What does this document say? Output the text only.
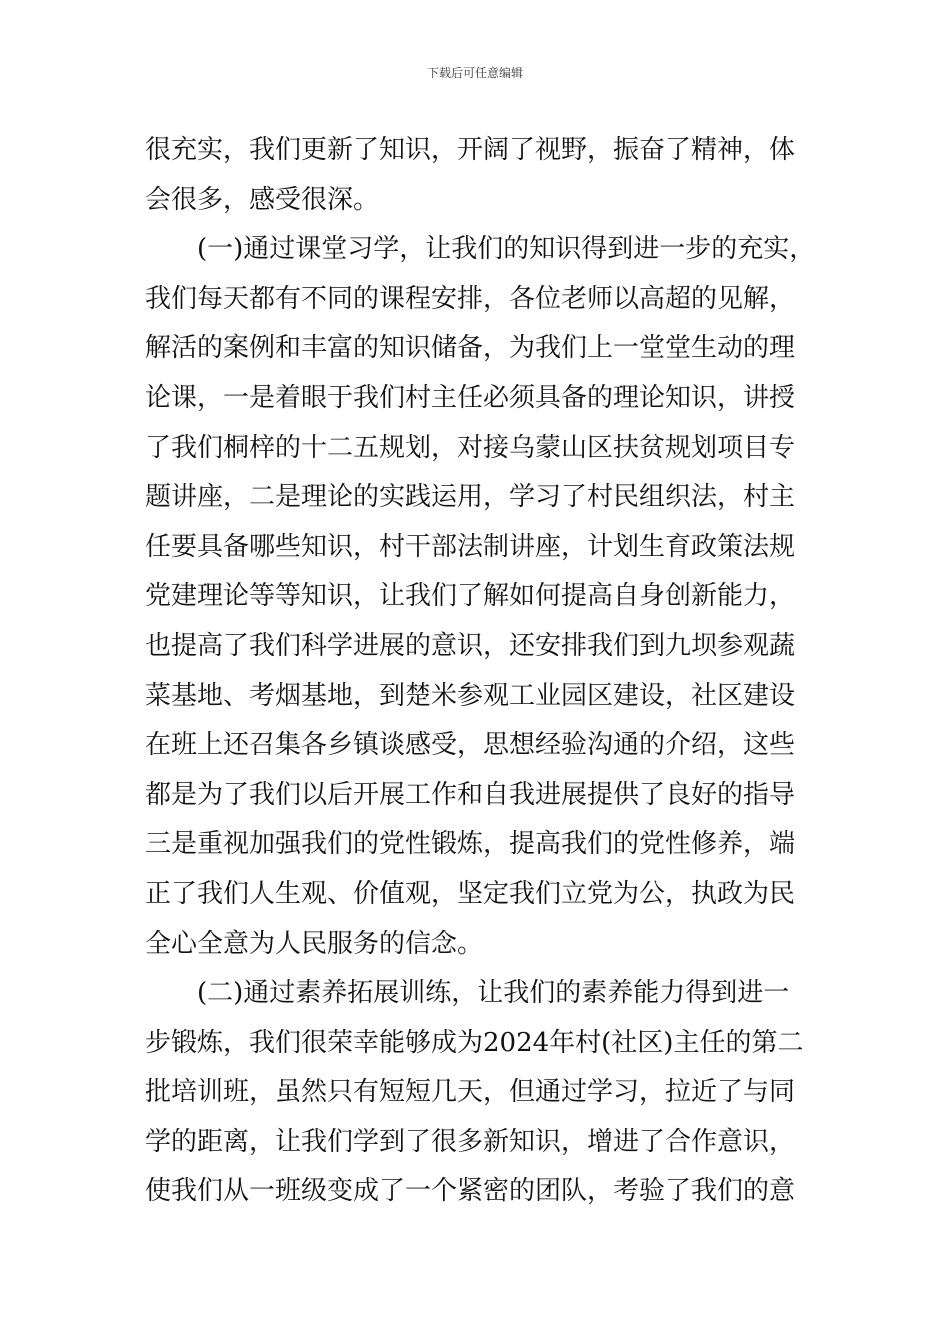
下载后可任意编辑
很充实，我们更新了知识，开阔了视野，振奋了精神，体
会很多，感受很深。
(一)通过课堂习学，让我们的知识得到进一步的充实，
我们每天都有不同的课程安排，各位老师以高超的见解，
解活的案例和丰富的知识储备，为我们上一堂堂生动的理
论课，一是着眼于我们村主任必须具备的理论知识，讲授
了我们桐梓的十二五规划，对接乌蒙山区扶贫规划项目专
题讲座，二是理论的实践运用，学习了村民组织法，村主
任要具备哪些知识，村干部法制讲座，计划生育政策法规
党建理论等等知识，让我们了解如何提高自身创新能力，
也提高了我们科学进展的意识，还安排我们到九坝参观蔬
菜基地、考烟基地，到楚米参观工业园区建设，社区建设
在班上还召集各乡镇谈感受，思想经验沟通的介绍，这些
都是为了我们以后开展工作和自我进展提供了良好的指导
三是重视加强我们的党性锻炼，提高我们的党性修养，端
正了我们人生观、价值观，坚定我们立党为公，执政为民
全心全意为人民服务的信念。
(二)通过素养拓展训练，让我们的素养能力得到进一
步锻炼，我们很荣幸能够成为2024年村(社区)主任的第二
批培训班，虽然只有短短几天，但通过学习，拉近了与同
学的距离，让我们学到了很多新知识，增进了合作意识，
使我们从一班级变成了一个紧密的团队，考验了我们的意
